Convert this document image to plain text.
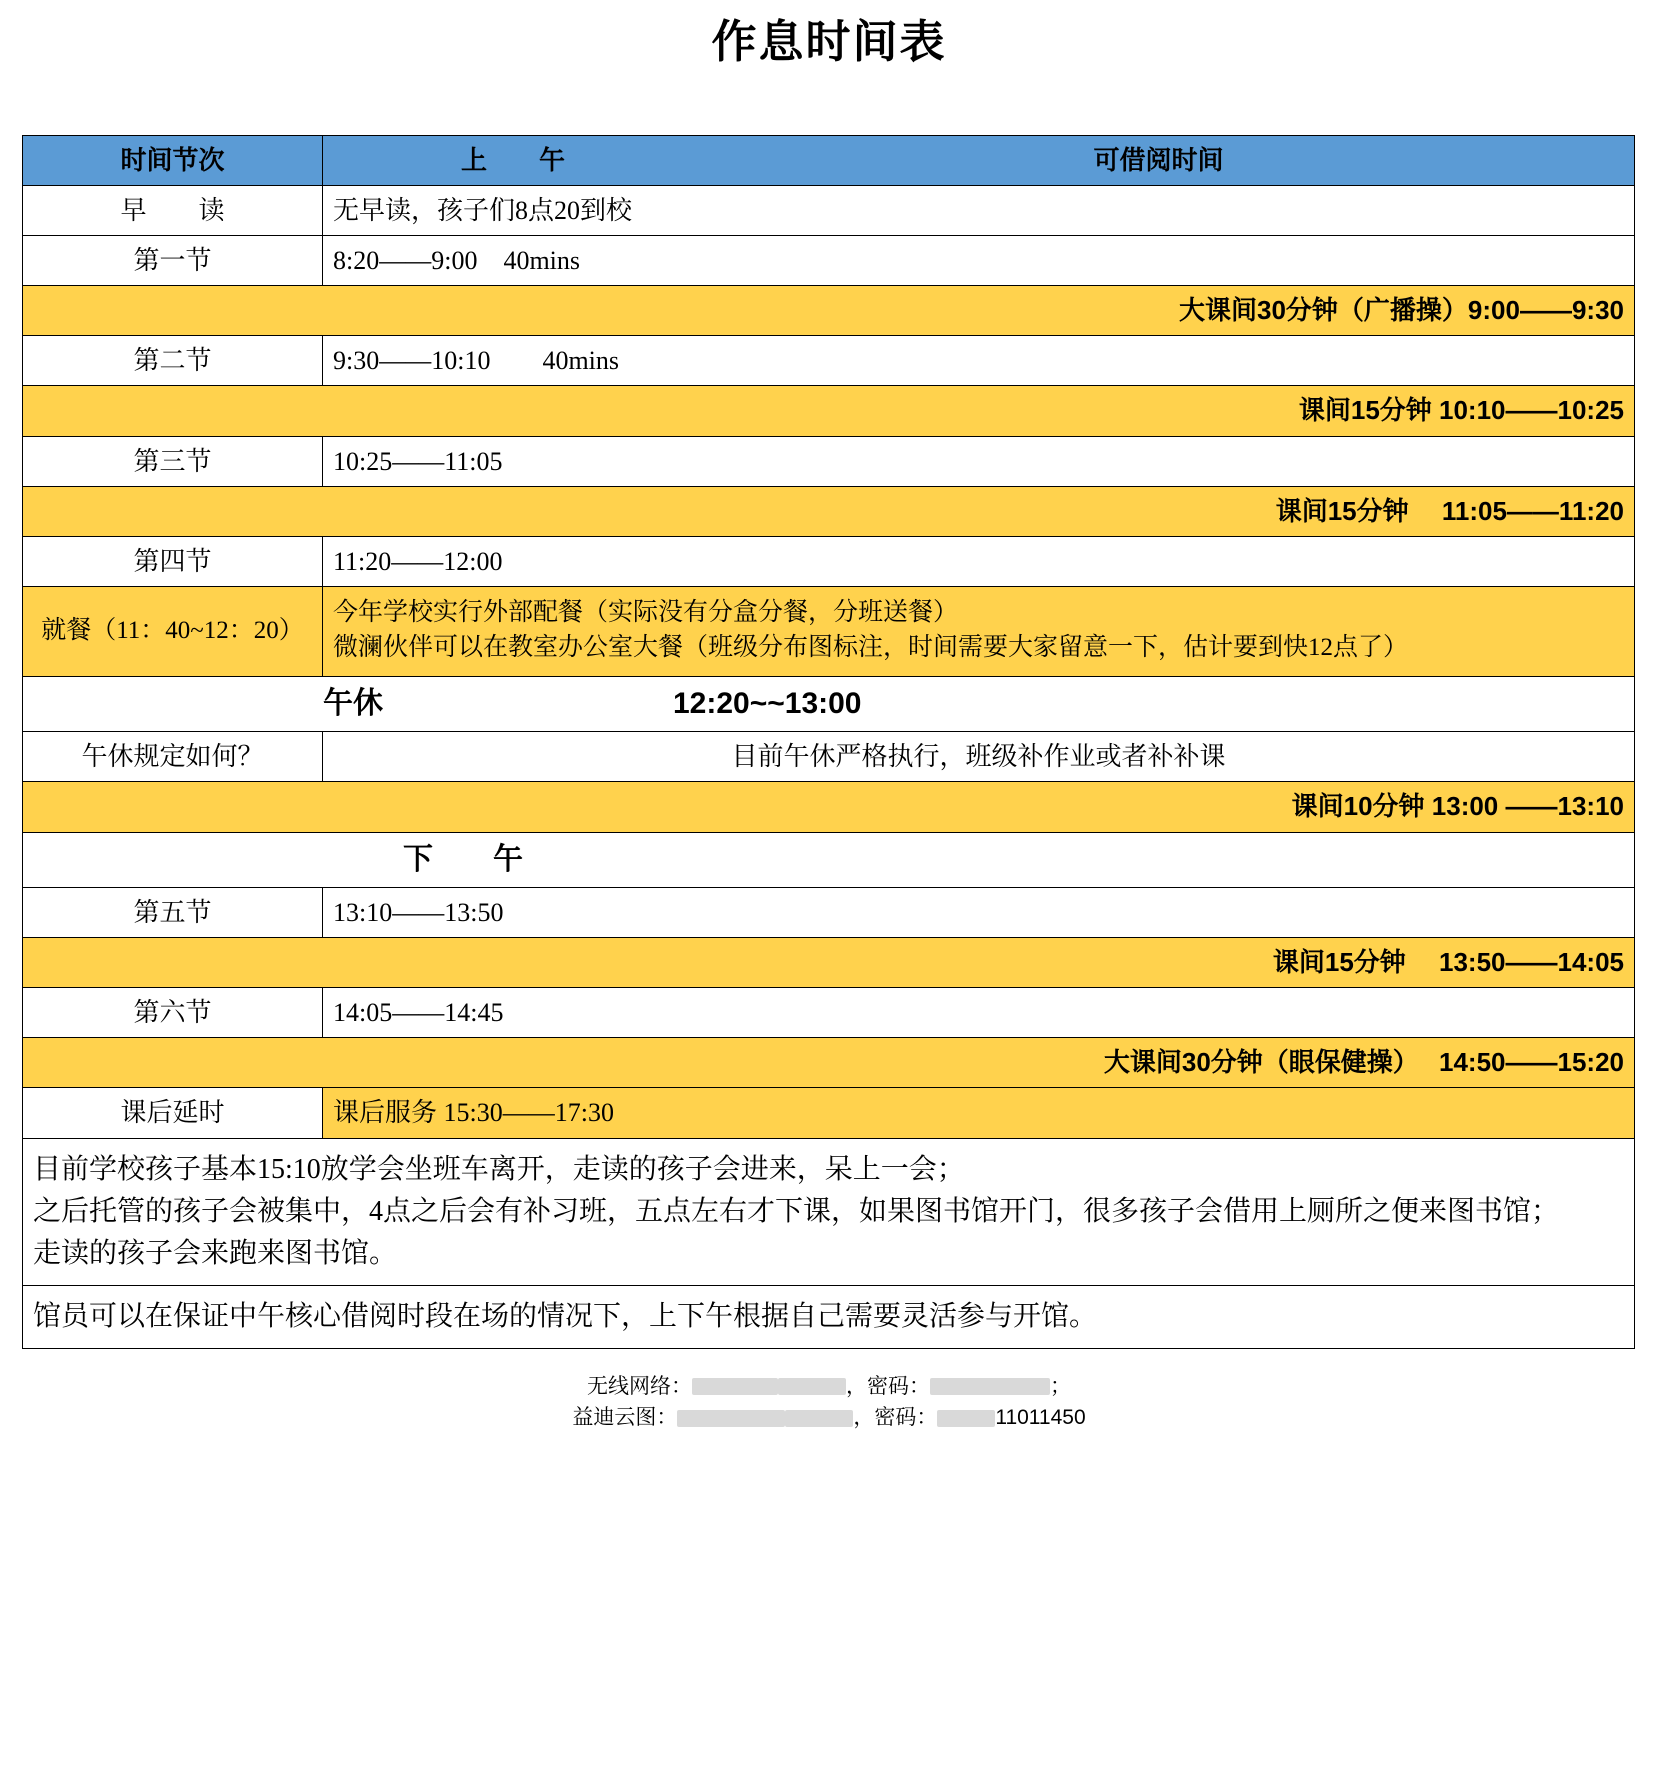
作息时间表
时间节次	上　　午 可借阅时间

早　　读	无早读，孩子们8点20到校

第一节	8:20——9:00　40mins

大课间30分钟（广播操）9:00——9:30	

第二节	9:30——10:10　　40mins

课间15分钟 10:10——10:25	

第三节	10:25——11:05

课间15分钟　 11:05——11:20	

第四节	11:20——12:00

就餐（11：40~12：20）	今年学校实行外部配餐（实际没有分盒分餐，分班送餐）
微澜伙伴可以在教室办公室大餐（班级分布图标注，时间需要大家留意一下，估计要到快12点了）

午休 12:20~~13:00	

午休规定如何？	目前午休严格执行，班级补作业或者补补课

课间10分钟 13:00 ——13:10	

下　　午	

第五节	13:10——13:50

课间15分钟　 13:50——14:05	

第六节	14:05——14:45

大课间30分钟（眼保健操）　 14:50——15:20	

课后延时	课后服务 15:30——17:30

目前学校孩子基本15:10放学会坐班车离开，走读的孩子会进来，呆上一会；
之后托管的孩子会被集中，4点之后会有补习班，五点左右才下课，如果图书馆开门，很多孩子会借用上厕所之便来图书馆；
走读的孩子会来跑来图书馆。	

馆员可以在保证中午核心借阅时段在场的情况下，上下午根据自己需要灵活参与开馆。	
无线网络：	，密码：	；
益迪云图：	，密码：	11011450
